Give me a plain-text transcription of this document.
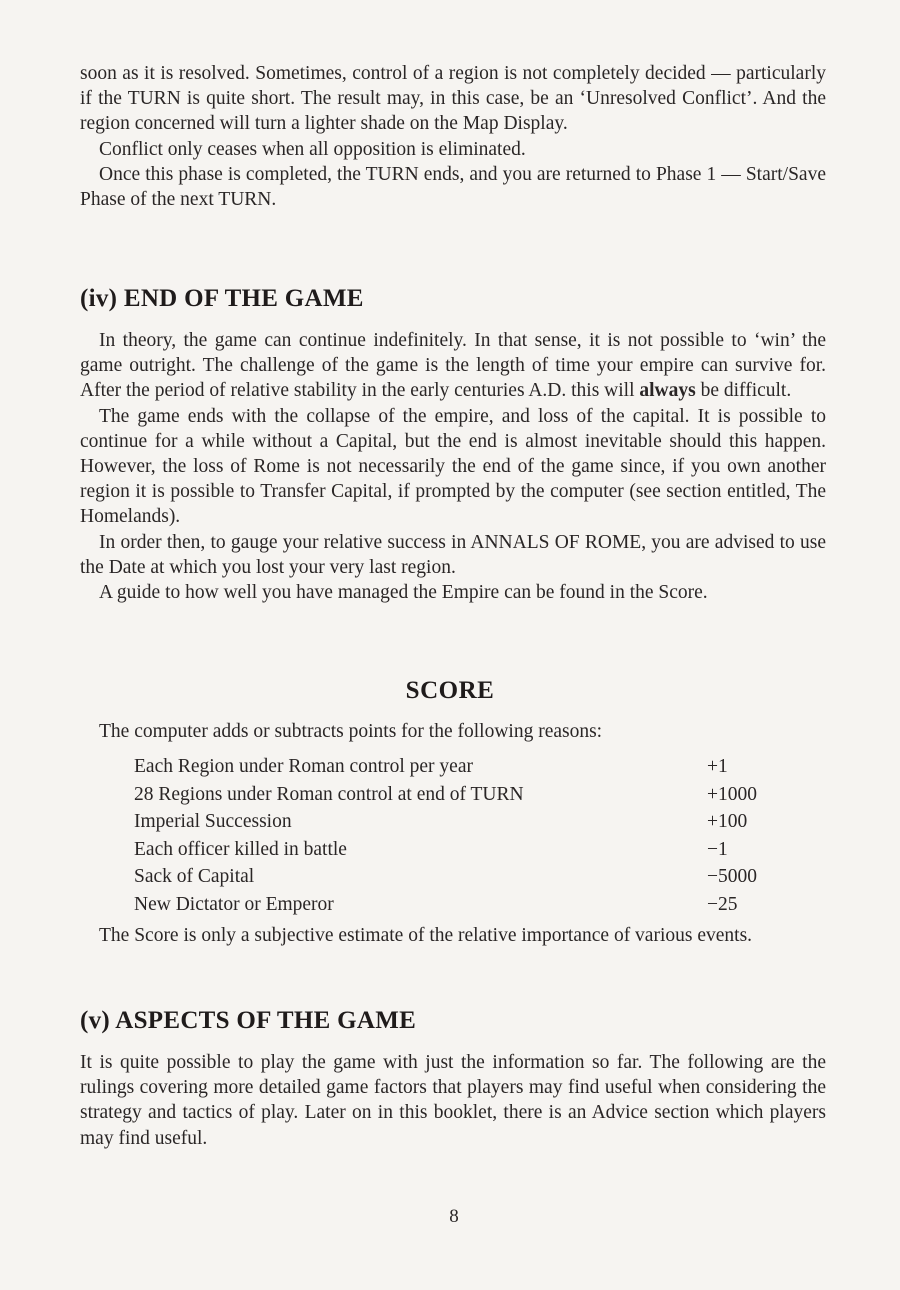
soon as it is resolved. Sometimes, control of a region is not completely decided — particularly if the TURN is quite short. The result may, in this case, be an ‘Unresolved Conflict’. And the region concerned will turn a lighter shade on the Map Display.

Conflict only ceases when all opposition is eliminated.

Once this phase is completed, the TURN ends, and you are returned to Phase 1 — Start/Save Phase of the next TURN.

(iv) END OF THE GAME

In theory, the game can continue indefinitely. In that sense, it is not possible to ‘win’ the game outright. The challenge of the game is the length of time your empire can survive for. After the period of relative stability in the early centuries A.D. this will always be difficult.

The game ends with the collapse of the empire, and loss of the capital. It is possible to continue for a while without a Capital, but the end is almost inevitable should this happen. However, the loss of Rome is not necessarily the end of the game since, if you own another region it is possible to Transfer Capital, if prompted by the computer (see section entitled, The Homelands).

In order then, to gauge your relative success in ANNALS OF ROME, you are advised to use the Date at which you lost your very last region.

A guide to how well you have managed the Empire can be found in the Score.

SCORE
The computer adds or subtracts points for the following reasons:
Each Region under Roman control per year	+1
28 Regions under Roman control at end of TURN	+1000
Imperial Succession	+100
Each officer killed in battle	−1
Sack of Capital	−5000
New Dictator or Emperor	−25

The Score is only a subjective estimate of the relative importance of various events.

(v) ASPECTS OF THE GAME

It is quite possible to play the game with just the information so far. The following are the rulings covering more detailed game factors that players may find useful when considering the strategy and tactics of play. Later on in this booklet, there is an Advice section which players may find useful.

8
